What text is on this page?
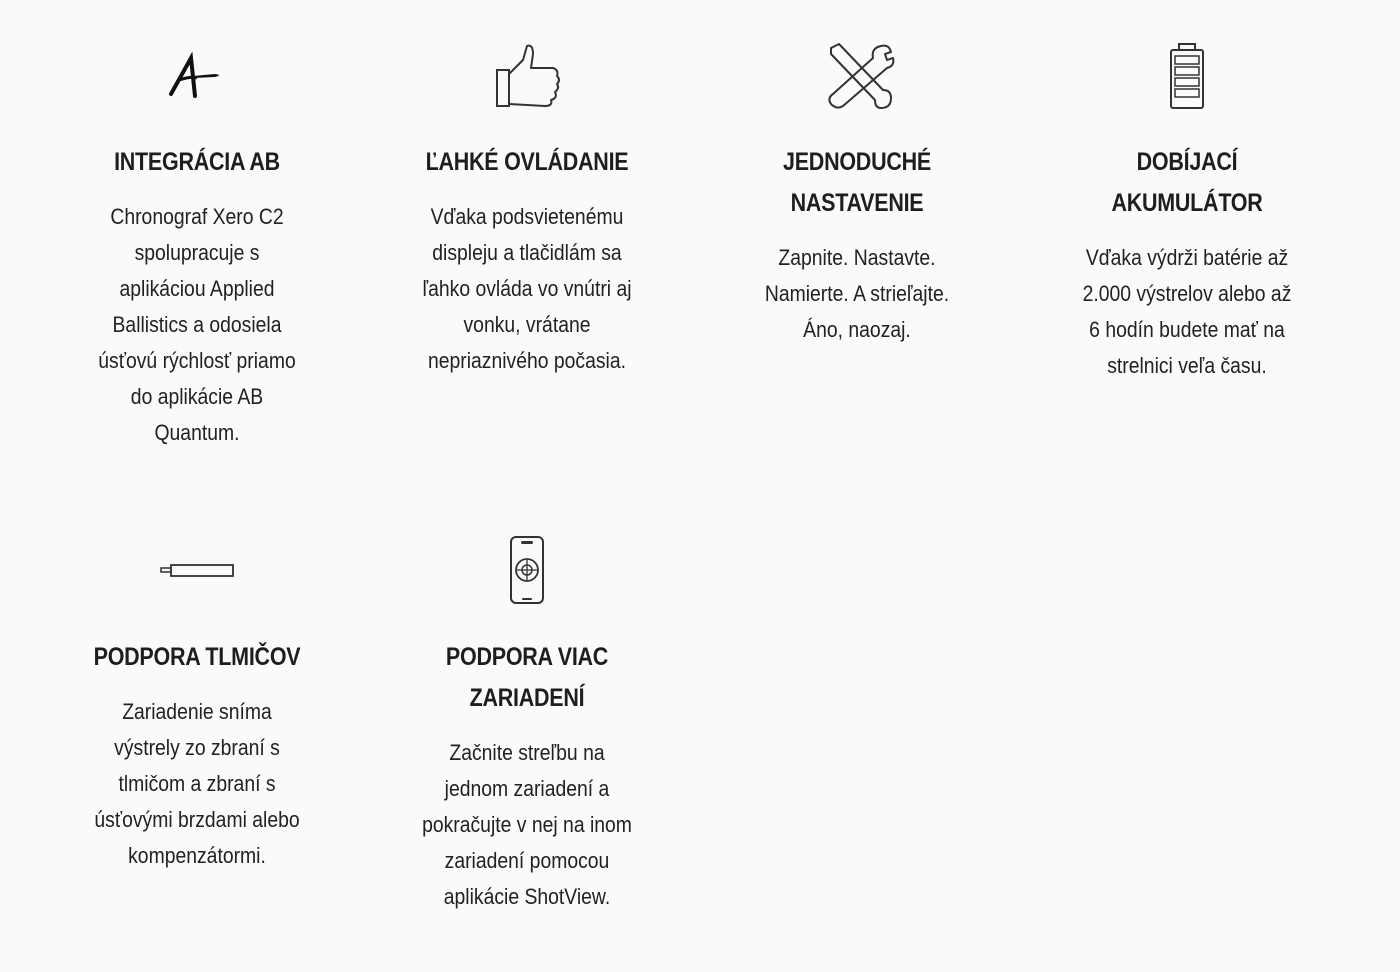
INTEGRÁCIA AB

Chronograf Xero C2
spolupracuje s
aplikáciou Applied
Ballistics a odosiela
úsťovú rýchlosť priamo
do aplikácie AB
Quantum.

ĽAHKÉ OVLÁDANIE

Vďaka podsvietenému
displeju a tlačidlám sa
ľahko ovláda vo vnútri aj
vonku, vrátane
nepriaznivého počasia.

JEDNODUCHÉ
NASTAVENIE

Zapnite. Nastavte.
Namierte. A strieľajte.
Áno, naozaj.

DOBÍJACÍ
AKUMULÁTOR

Vďaka výdrži batérie až
2.000 výstrelov alebo až
6 hodín budete mať na
strelnici veľa času.

PODPORA TLMIČOV

Zariadenie sníma
výstrely zo zbraní s
tlmičom a zbraní s
úsťovými brzdami alebo
kompenzátormi.

PODPORA VIAC
ZARIADENÍ

Začnite streľbu na
jednom zariadení a
pokračujte v nej na inom
zariadení pomocou
aplikácie ShotView.
